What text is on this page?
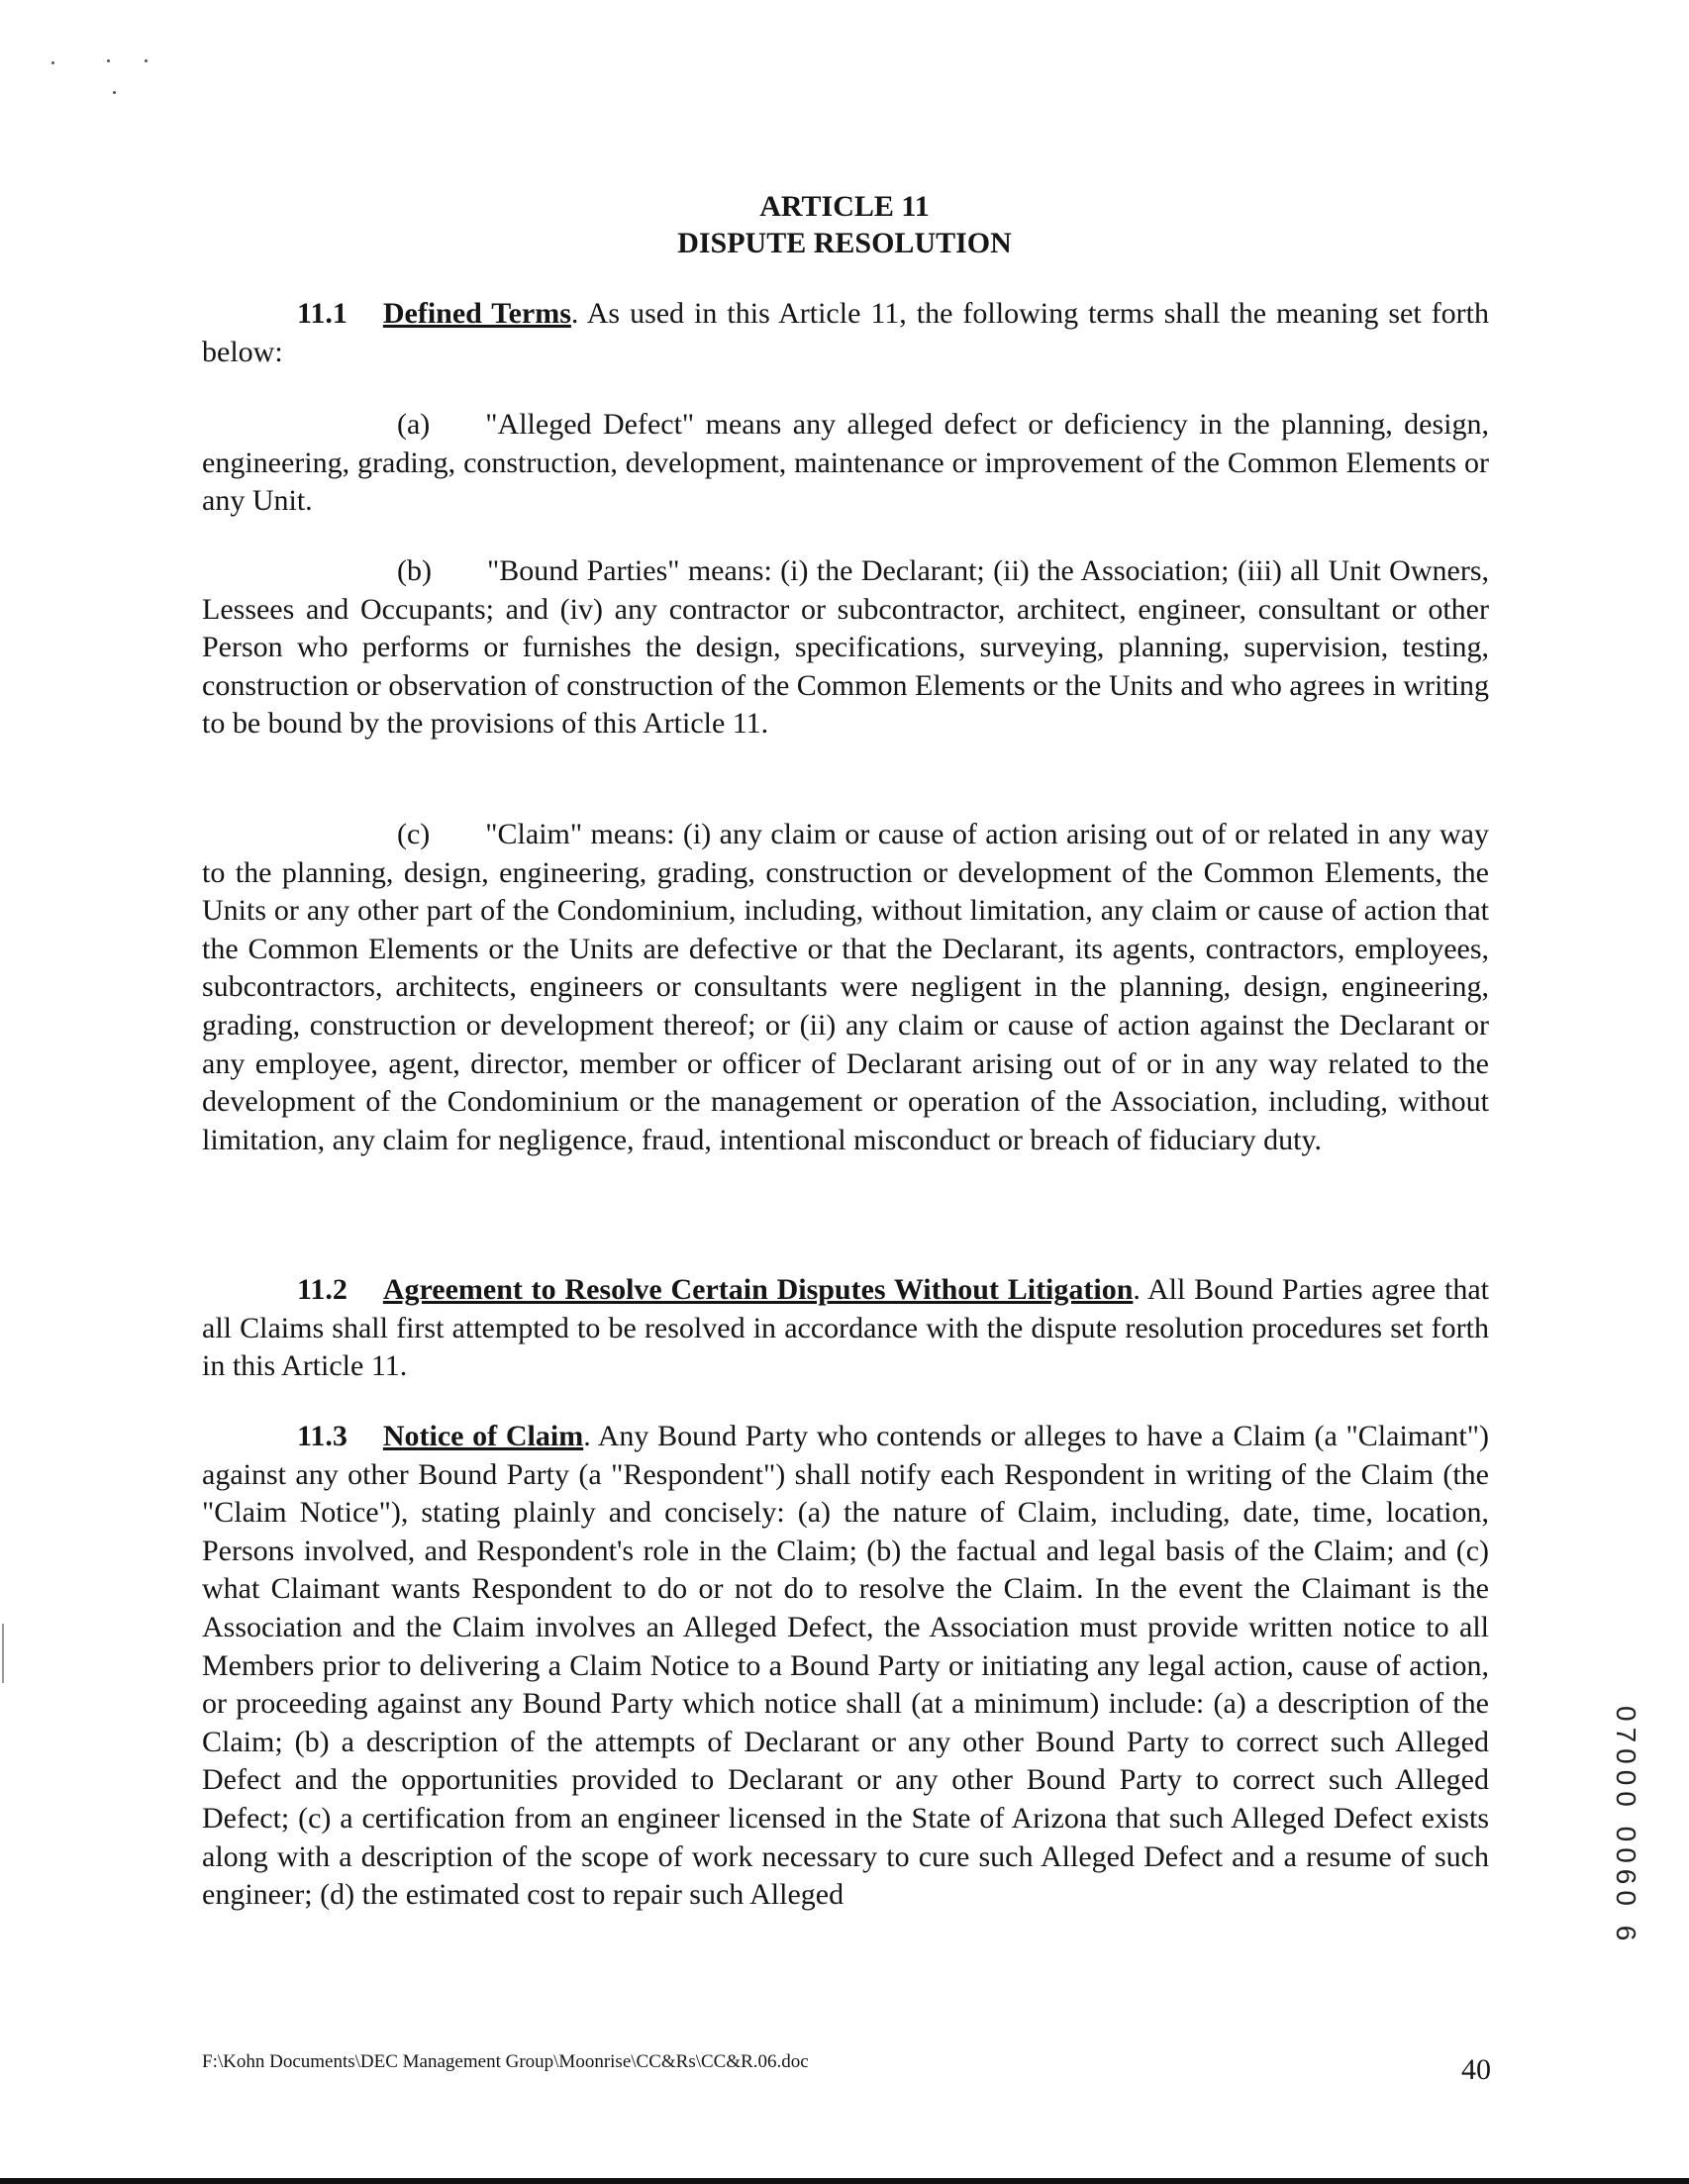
ARTICLE 11
DISPUTE RESOLUTION

11.1 Defined Terms. As used in this Article 11, the following terms shall the meaning set forth below:

(a) "Alleged Defect" means any alleged defect or deficiency in the planning, design, engineering, grading, construction, development, maintenance or improvement of the Common Elements or any Unit.

(b) "Bound Parties" means: (i) the Declarant; (ii) the Association; (iii) all Unit Owners, Lessees and Occupants; and (iv) any contractor or subcontractor, architect, engineer, consultant or other Person who performs or furnishes the design, specifications, surveying, planning, supervision, testing, construction or observation of construction of the Common Elements or the Units and who agrees in writing to be bound by the provisions of this Article 11.

(c) "Claim" means: (i) any claim or cause of action arising out of or related in any way to the planning, design, engineering, grading, construction or development of the Common Elements, the Units or any other part of the Condominium, including, without limitation, any claim or cause of action that the Common Elements or the Units are defective or that the Declarant, its agents, contractors, employees, subcontractors, architects, engineers or consultants were negligent in the planning, design, engineering, grading, construction or development thereof; or (ii) any claim or cause of action against the Declarant or any employee, agent, director, member or officer of Declarant arising out of or in any way related to the development of the Condominium or the management or operation of the Association, including, without limitation, any claim for negligence, fraud, intentional misconduct or breach of fiduciary duty.

11.2 Agreement to Resolve Certain Disputes Without Litigation. All Bound Parties agree that all Claims shall first attempted to be resolved in accordance with the dispute resolution procedures set forth in this Article 11.

11.3 Notice of Claim. Any Bound Party who contends or alleges to have a Claim (a "Claimant") against any other Bound Party (a "Respondent") shall notify each Respondent in writing of the Claim (the "Claim Notice"), stating plainly and concisely: (a) the nature of Claim, including, date, time, location, Persons involved, and Respondent's role in the Claim; (b) the factual and legal basis of the Claim; and (c) what Claimant wants Respondent to do or not do to resolve the Claim. In the event the Claimant is the Association and the Claim involves an Alleged Defect, the Association must provide written notice to all Members prior to delivering a Claim Notice to a Bound Party or initiating any legal action, cause of action, or proceeding against any Bound Party which notice shall (at a minimum) include: (a) a description of the Claim; (b) a description of the attempts of Declarant or any other Bound Party to correct such Alleged Defect and the opportunities provided to Declarant or any other Bound Party to correct such Alleged Defect; (c) a certification from an engineer licensed in the State of Arizona that such Alleged Defect exists along with a description of the scope of work necessary to cure such Alleged Defect and a resume of such engineer; (d) the estimated cost to repair such Alleged	07000 0060 6
F:\Kohn Documents\DEC Management Group\Moonrise\CC&Rs\CC&R.06.doc	40
